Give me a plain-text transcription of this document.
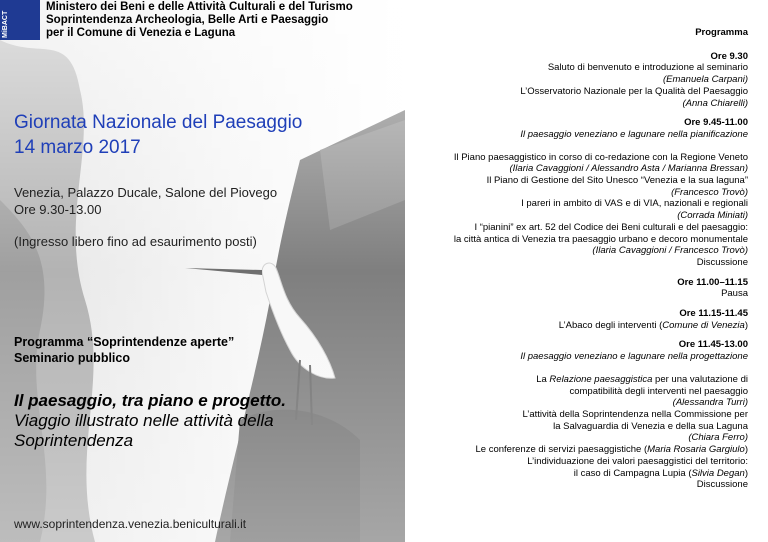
MiBACT
Ministero dei Beni e delle Attività Culturali e del Turismo
Soprintendenza Archeologia, Belle Arti e Paesaggio
per il Comune di Venezia e Laguna
Giornata Nazionale del Paesaggio
14 marzo 2017
Venezia, Palazzo Ducale, Salone del Piovego
Ore 9.30-13.00
(Ingresso libero fino ad esaurimento posti)
Programma “Soprintendenze aperte”
Seminario pubblico
Il paesaggio, tra piano e progetto.
Viaggio illustrato nelle attività della
Soprintendenza
www.soprintendenza.venezia.beniculturali.it
Programma
Ore 9.30
Saluto di benvenuto e introduzione al seminario
(Emanuela Carpani)
L’Osservatorio Nazionale per la Qualità del Paesaggio
(Anna Chiarelli)
Ore 9.45-11.00
Il paesaggio veneziano e lagunare nella pianificazione
Il Piano paesaggistico in corso di co-redazione con la Regione Veneto
(Ilaria Cavaggioni / Alessandro Asta / Marianna Bressan)
Il Piano di Gestione del Sito Unesco “Venezia e la sua laguna”
(Francesco Trovò)
I pareri in ambito di VAS e di VIA, nazionali e regionali
(Corrada Miniati)
I “pianini” ex art. 52 del Codice dei Beni culturali e del paesaggio:
la città antica di Venezia tra paesaggio urbano e decoro monumentale
(Ilaria Cavaggioni / Francesco Trovò)
Discussione
Ore 11.00–11.15
Pausa
Ore 11.15-11.45
L’Abaco degli interventi (Comune di Venezia)
Ore 11.45-13.00
Il paesaggio veneziano e lagunare nella progettazione
La Relazione paesaggistica per una valutazione di
compatibilità degli interventi nel paesaggio
(Alessandra Turri)
L’attività della Soprintendenza nella Commissione per
la Salvaguardia di Venezia e della sua Laguna
(Chiara Ferro)
Le conferenze di servizi paesaggistiche (Maria Rosaria Gargiulo)
L’individuazione dei valori paesaggistici del territorio:
il caso di Campagna Lupia (Silvia Degan)
Discussione
